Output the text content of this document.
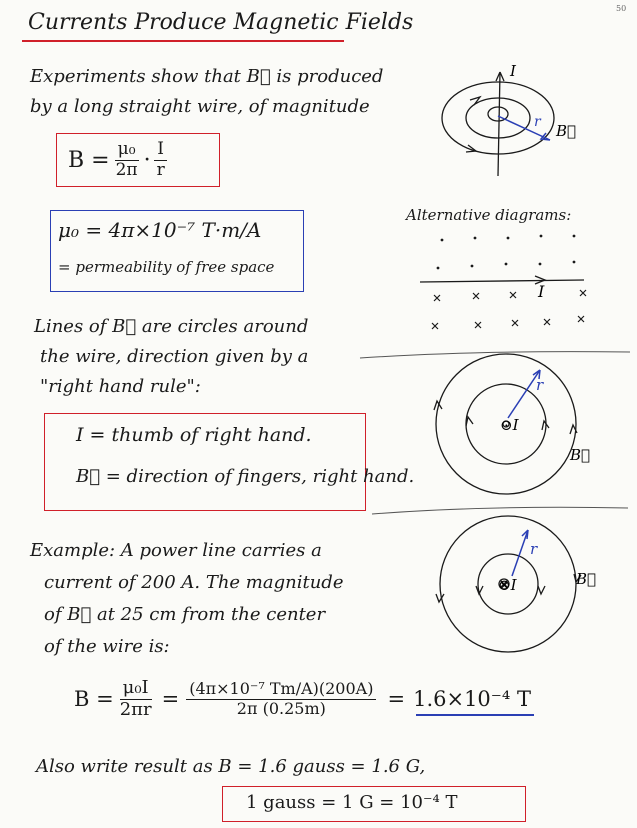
50
Currents Produce Magnetic Fields
Experiments show that B⃗ is produced
by a long straight wire, of magnitude
$B = \frac{\text{μ₀}}{2\pi} \cdot \frac{I}{r}$
μ₀ = 4π×10⁻⁷ T·m/A
= permeability of free space
Lines of B⃗ are circles around
the wire, direction given by a
"right hand rule":
I = thumb of right hand.
B⃗ = direction of fingers, right hand.
Example: A power line carries a
current of 200 A. The magnitude
of B⃗ at 25 cm from the center
of the wire is:
$B = \frac{\text{μ₀I}}{2\pi r} = \frac{\text{(4π×10⁻⁷ Tm/A)(200A)}}{2\pi (0.25m)} = 1.6\times 10^{-4}$ T
Also write result as B = 1.6 gauss = 1.6 G,
1 gauss = 1 G = 10⁻⁴ T
I
r B⃗
Alternative diagrams:
I
r
⊙I
B⃗
r
⊗I	B⃗
